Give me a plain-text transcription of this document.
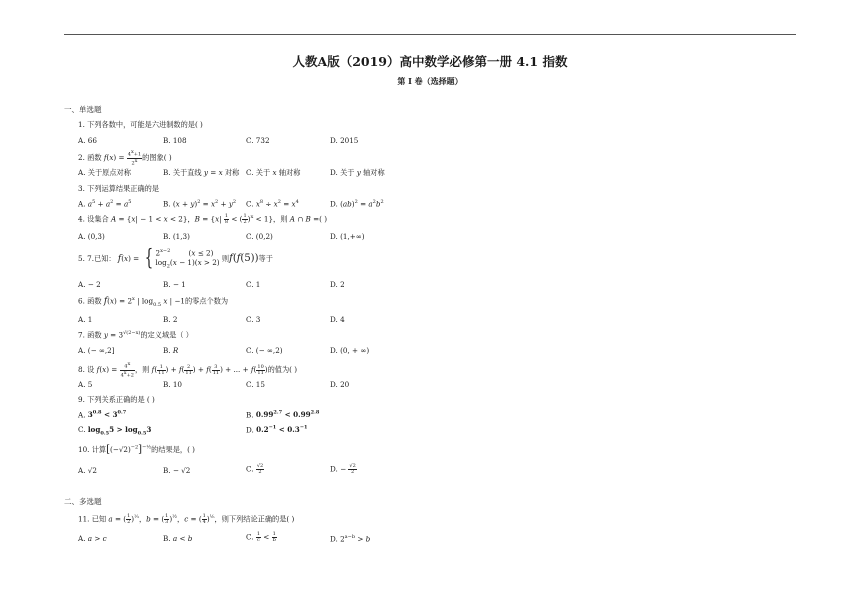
人教A版（2019）高中数学必修第一册 4.1 指数
第 I 卷（选择题）
一、单选题
1. 下列各数中，可能是六进制数的是( )
A. 66	B. 108	C. 732	D. 2015
2. 函数 $f(x) = \frac{4^x+1}{2^x}$ 的图象( )
A. 关于原点对称	B. 关于直线 y = x 对称 C. 关于 x 轴对称	D. 关于 y 轴对称
3. 下列运算结果正确的是
A. $a^5 + a^2 = a^5$	B. $(x + y)^2 = x^2 + y^2$ C. $x^8 \div x^2 = x^4$	D. $(ab)^2 = a^2b^2$
4. 设集合 A = {x| − 1 < x < 2}，$B = \{x| \frac{1}{8}$ < ( $\frac{1}{2} )^x < 1$}，则 A ∩ B =( )
A. (0,3)	B. (1,3)	C. (0,2)	D. (1,+∞)
5. 7.已知： f(x) = { $2^{x-2}$        (x ≤ 2)
$\log_2(x - 1)(x > 2)$ 则f(f(5))等于
A. − 2	B. − 1	C. 1	D. 2
6. 函数 $f(x) = 2^x$ | $\log_{0.5} x$ | −1的零点个数为
A. 1	B. 2	C. 3	D. 4
7. 函数 $y = 3^{√(2-x)}$的定义域是（ ）
A. (− ∞,2]	B. R	C. (− ∞,2)	D. (0, + ∞)
8. 设 $f(x) = \frac{4^x}{4^x+2}$ ，则 $f( \frac{1}{11}$ ) + $f( \frac{2}{11}$ ) + $f( \frac{3}{11}$ ) + ... + $f( \frac{10}{11}$ )的值为( )
A. 5	B. 10	C. 15	D. 20
9. 下列关系正确的是 ( )
A. $3^{0.8} < 3^{0.7}$	B. $0.99^{2.7} < 0.99^{2.8}$
C. $\log_{0.5}5 > \log_{0.5}3$	D. $0.2^{-1} < 0.3^{-1}$
10. 计算$[(-√2)^{-2}]^{-\frac{1}{2}}$的结果是，( )
A. √2	B. − √2	C. $\frac{√2}{2}$	D. − $\frac{√2}{2}$
二、多选题
11. 已知 a = ( $\frac{1}{2} )^{\frac{1}{3}}$，b = ( $\frac{1}{3} )^{\frac{1}{2}}$，c = ( $\frac{1}{4} )^{\frac{1}{6}}$，则下列结论正确的是( )
A. a > c	B. a < b	C. $\frac{1}{c} < \frac{1}{b}$	D. $2^{a-b} > b$
